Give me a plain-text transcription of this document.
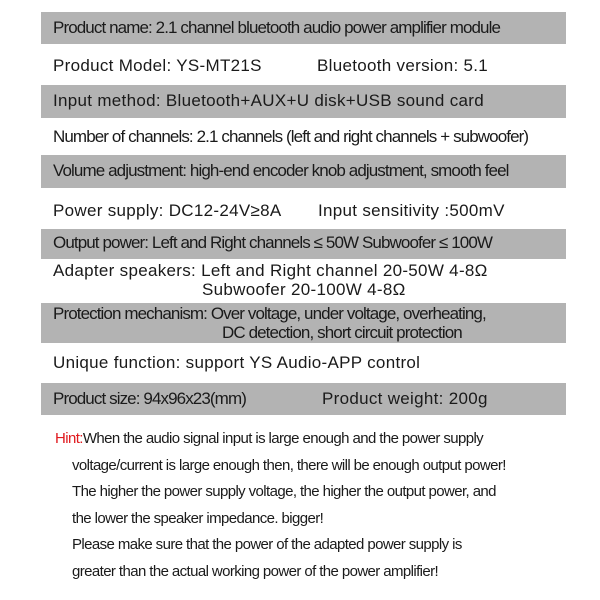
Product name: 2.1 channel bluetooth audio power amplifier module
Product Model: YS-MT21S	Bluetooth version: 5.1
Input method: Bluetooth+AUX+U disk+USB sound card
Number of channels: 2.1 channels (left and right channels + subwoofer)
Volume adjustment: high-end encoder knob adjustment, smooth feel
Power supply: DC12-24V≥8A Input sensitivity :500mV
Output power: Left and Right channels ≤ 50W Subwoofer ≤ 100W
Adapter speakers: Left and Right channel 20-50W 4-8Ω
Subwoofer 20-100W 4-8Ω
Protection mechanism: Over voltage, under voltage, overheating,
DC detection, short circuit protection
Unique function: support YS Audio-APP control
Product size: 94x96x23(mm)	Product weight: 200g
Hint:When the audio signal input is large enough and the power supply
voltage/current is large enough then, there will be enough output power!
The higher the power supply voltage, the higher the output power, and
the lower the speaker impedance. bigger!
Please make sure that the power of the adapted power supply is
greater than the actual working power of the power amplifier!
